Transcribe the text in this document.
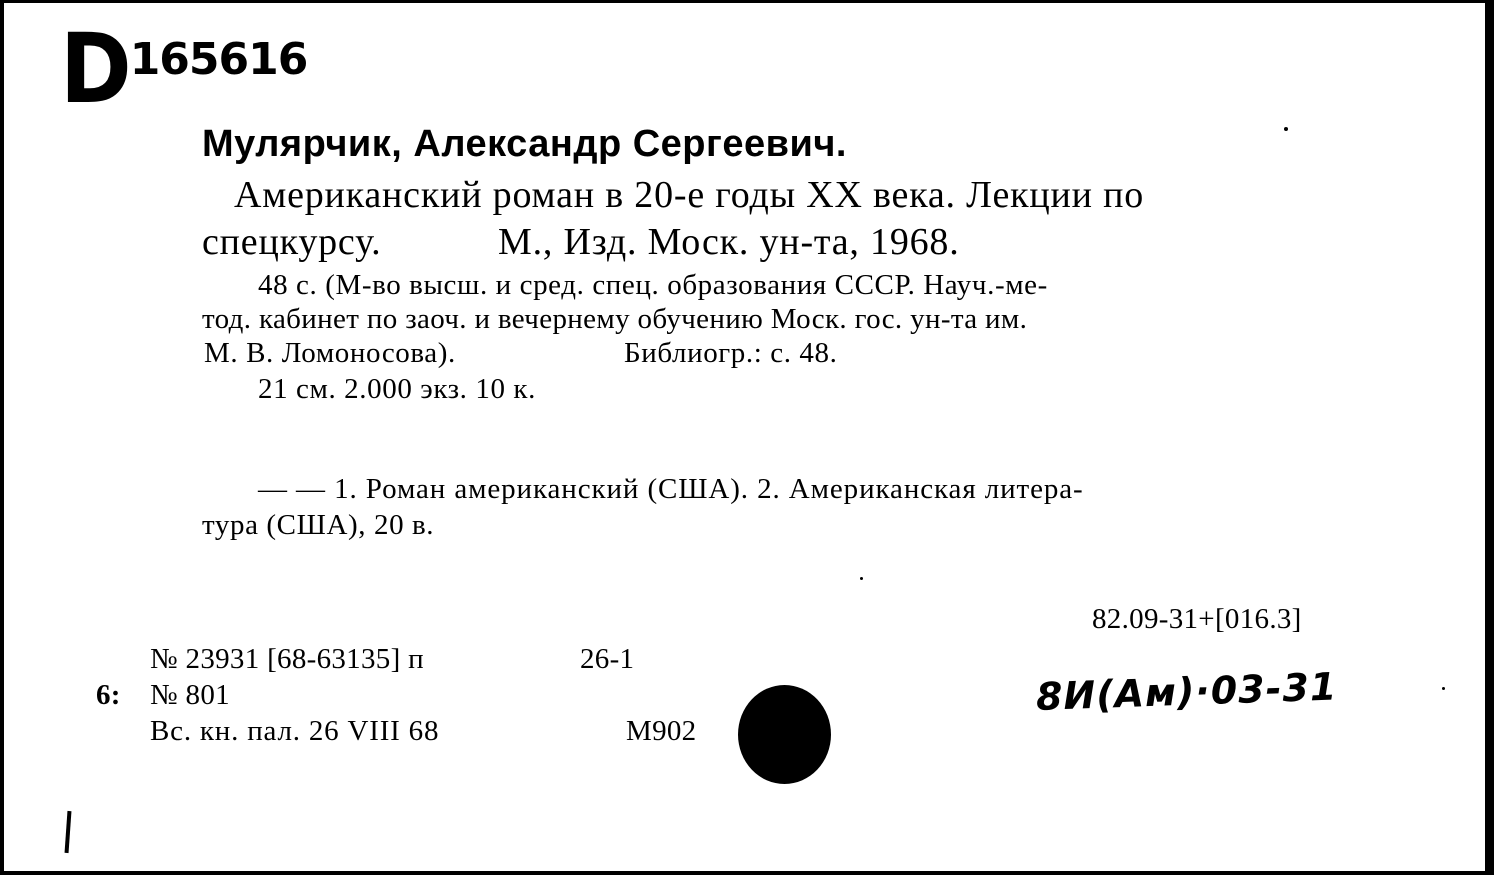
D165616
Мулярчик, Александр Сергеевич.
Американский роман в 20-е годы XX века. Лекции по
спецкурсу.	М., Изд. Моск. ун-та, 1968.
48 с. (М-во высш. и сред. спец. образования СССР. Науч.-ме-
тод. кабинет по заоч. и вечернему обучению Моск. гос. ун-та им.
М. В. Ломоносова).	Библиогр.: с. 48.
21 см. 2.000 экз. 10 к.
— — 1. Роман американский (США). 2. Американская литера-
тура (США), 20 в.
82.09-31+[016.3]
№ 23931 [68-63135] п	26-1
6: № 801
Вс. кн. пал. 26 VIII 68	М902
8И(Ам)·03-31
